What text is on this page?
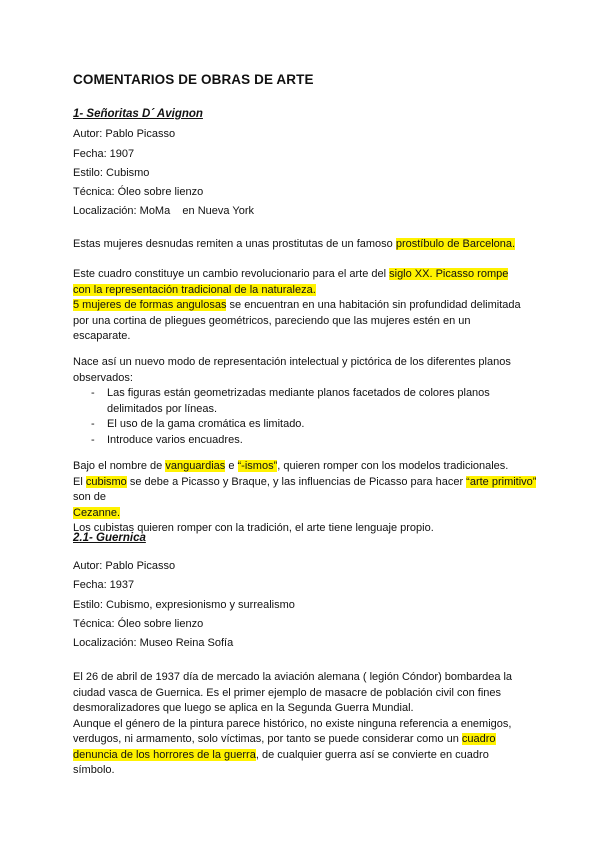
COMENTARIOS DE OBRAS DE ARTE
1- Señoritas D´ Avignon
Autor: Pablo Picasso
Fecha: 1907
Estilo: Cubismo
Técnica: Óleo sobre lienzo
Localización: MoMa    en Nueva York
Estas mujeres desnudas remiten a unas prostitutas de un famoso prostíbulo de Barcelona.
Este cuadro constituye un cambio revolucionario para el arte del siglo XX. Picasso rompe
con la representación tradicional de la naturaleza.
5 mujeres de formas angulosas se encuentran en una habitación sin profundidad delimitada
por una cortina de pliegues geométricos, pareciendo que las mujeres estén en un
escaparate.
Nace así un nuevo modo de representación intelectual y pictórica de los diferentes planos
observados:
-	Las figuras están geometrizadas mediante planos facetados de colores planos
delimitados por líneas.
-	El uso de la gama cromática es limitado.
-	Introduce varios encuadres.
Bajo el nombre de vanguardias e “-ismos”, quieren romper con los modelos tradicionales.
El cubismo se debe a Picasso y Braque, y las influencias de Picasso para hacer “arte primitivo” son de
Cezanne.
Los cubistas quieren romper con la tradición, el arte tiene lenguaje propio.
2.1- Guernica
Autor: Pablo Picasso
Fecha: 1937
Estilo: Cubismo, expresionismo y surrealismo
Técnica: Óleo sobre lienzo
Localización: Museo Reina Sofía
El 26 de abril de 1937 día de mercado la aviación alemana ( legión Cóndor) bombardea la
ciudad vasca de Guernica. Es el primer ejemplo de masacre de población civil con fines
desmoralizadores que luego se aplica en la Segunda Guerra Mundial.
Aunque el género de la pintura parece histórico, no existe ninguna referencia a enemigos,
verdugos, ni armamento, solo víctimas, por tanto se puede considerar como un cuadro
denuncia de los horrores de la guerra, de cualquier guerra así se convierte en cuadro
símbolo.
